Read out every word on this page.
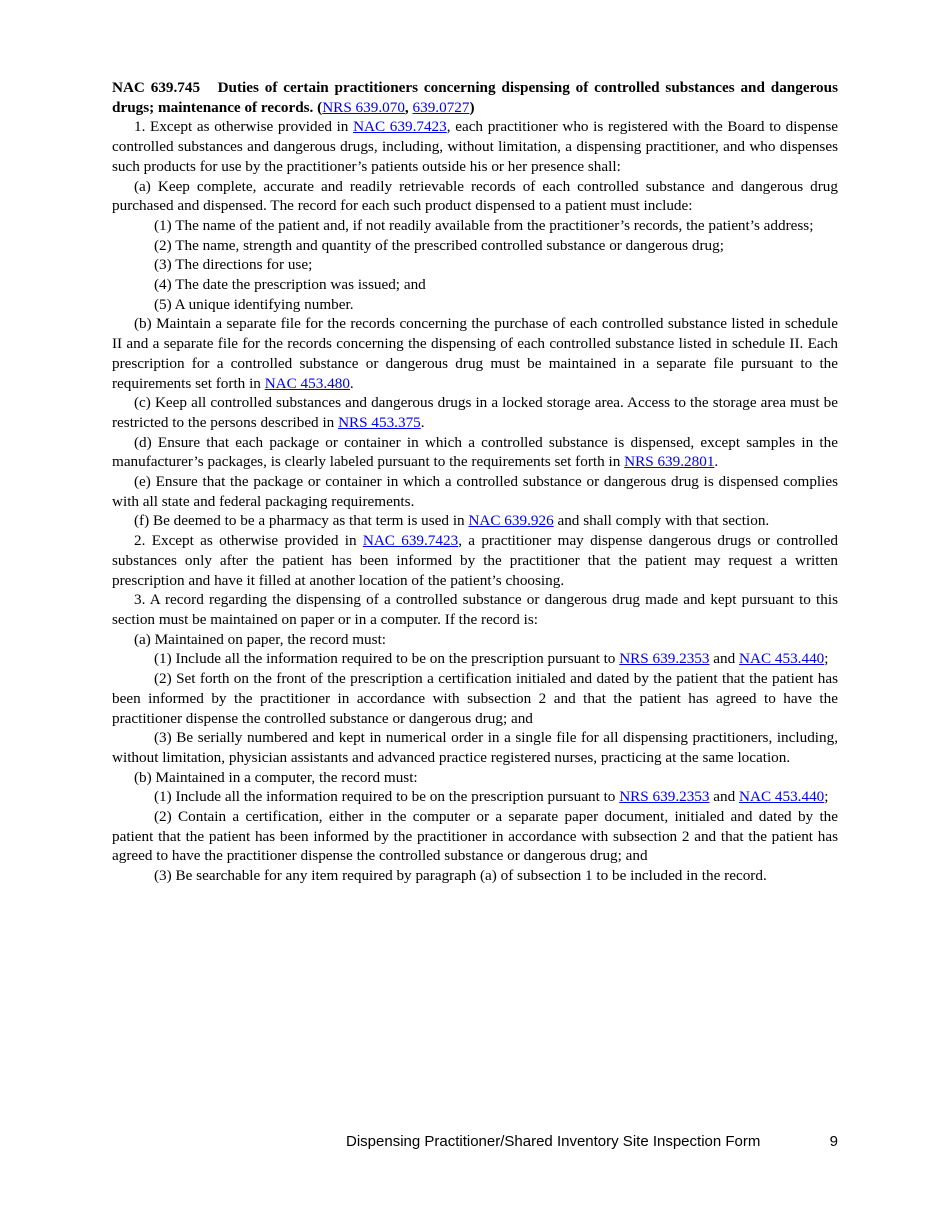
NAC 639.745 Duties of certain practitioners concerning dispensing of controlled substances and dangerous drugs; maintenance of records. (NRS 639.070, 639.0727)

1. Except as otherwise provided in NAC 639.7423, each practitioner who is registered with the Board to dispense controlled substances and dangerous drugs, including, without limitation, a dispensing practitioner, and who dispenses such products for use by the practitioner’s patients outside his or her presence shall:

(a) Keep complete, accurate and readily retrievable records of each controlled substance and dangerous drug purchased and dispensed. The record for each such product dispensed to a patient must include:

(1) The name of the patient and, if not readily available from the practitioner’s records, the patient’s address;

(2) The name, strength and quantity of the prescribed controlled substance or dangerous drug;

(3) The directions for use;

(4) The date the prescription was issued; and

(5) A unique identifying number.

(b) Maintain a separate file for the records concerning the purchase of each controlled substance listed in schedule II and a separate file for the records concerning the dispensing of each controlled substance listed in schedule II. Each prescription for a controlled substance or dangerous drug must be maintained in a separate file pursuant to the requirements set forth in NAC 453.480.

(c) Keep all controlled substances and dangerous drugs in a locked storage area. Access to the storage area must be restricted to the persons described in NRS 453.375.

(d) Ensure that each package or container in which a controlled substance is dispensed, except samples in the manufacturer’s packages, is clearly labeled pursuant to the requirements set forth in NRS 639.2801.

(e) Ensure that the package or container in which a controlled substance or dangerous drug is dispensed complies with all state and federal packaging requirements.

(f) Be deemed to be a pharmacy as that term is used in NAC 639.926 and shall comply with that section.

2. Except as otherwise provided in NAC 639.7423, a practitioner may dispense dangerous drugs or controlled substances only after the patient has been informed by the practitioner that the patient may request a written prescription and have it filled at another location of the patient’s choosing.

3. A record regarding the dispensing of a controlled substance or dangerous drug made and kept pursuant to this section must be maintained on paper or in a computer. If the record is:

(a) Maintained on paper, the record must:

(1) Include all the information required to be on the prescription pursuant to NRS 639.2353 and NAC 453.440;

(2) Set forth on the front of the prescription a certification initialed and dated by the patient that the patient has been informed by the practitioner in accordance with subsection 2 and that the patient has agreed to have the practitioner dispense the controlled substance or dangerous drug; and

(3) Be serially numbered and kept in numerical order in a single file for all dispensing practitioners, including, without limitation, physician assistants and advanced practice registered nurses, practicing at the same location.

(b) Maintained in a computer, the record must:

(1) Include all the information required to be on the prescription pursuant to NRS 639.2353 and NAC 453.440;

(2) Contain a certification, either in the computer or a separate paper document, initialed and dated by the patient that the patient has been informed by the practitioner in accordance with subsection 2 and that the patient has agreed to have the practitioner dispense the controlled substance or dangerous drug; and

(3) Be searchable for any item required by paragraph (a) of subsection 1 to be included in the record.

Dispensing Practitioner/Shared Inventory Site Inspection Form	9
